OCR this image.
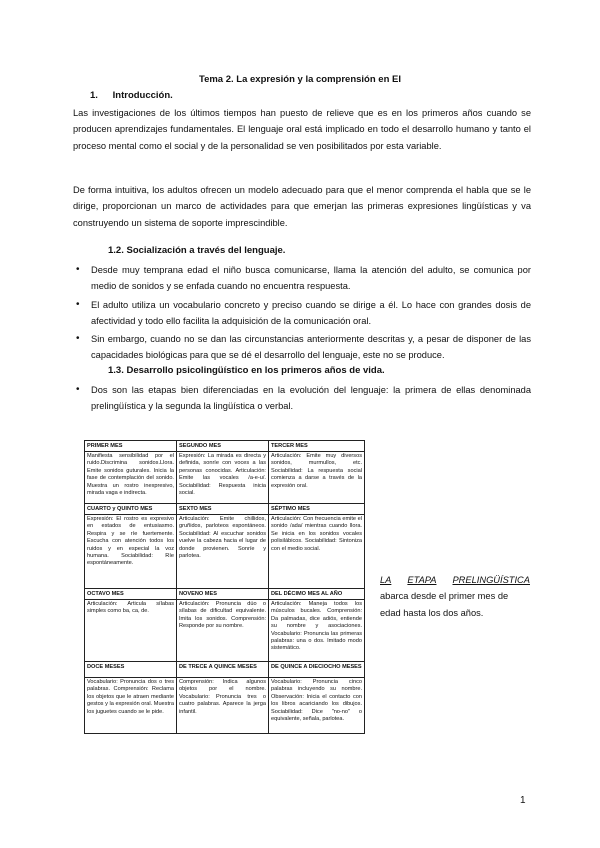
Tema 2. La expresión y la comprensión en EI
1. Introducción.
Las investigaciones de los últimos tiempos han puesto de relieve que es en los primeros años cuando se producen aprendizajes fundamentales. El lenguaje oral está implicado en todo el desarrollo humano y tanto el proceso mental como el social y de la personalidad se ven posibilitados por esta variable.
De forma intuitiva, los adultos ofrecen un modelo adecuado para que el menor comprenda el habla que se le dirige, proporcionan un marco de actividades para que emerjan las primeras expresiones lingüísticas y va construyendo un sistema de soporte imprescindible.
1.2. Socialización a través del lenguaje.
• Desde muy temprana edad el niño busca comunicarse, llama la atención del adulto, se comunica por medio de sonidos y se enfada cuando no encuentra respuesta.
• El adulto utiliza un vocabulario concreto y preciso cuando se dirige a él. Lo hace con grandes dosis de afectividad y todo ello facilita la adquisición de la comunicación oral.
• Sin embargo, cuando no se dan las circunstancias anteriormente descritas y, a pesar de disponer de las capacidades biológicas para que se dé el desarrollo del lenguaje, este no se produce.
1.3. Desarrollo psicolingüístico en los primeros años de vida.
• Dos son las etapas bien diferenciadas en la evolución del lenguaje: la primera de ellas denominada prelingüística y la segunda la lingüística o verbal.
PRIMER MES	SEGUNDO MES	TERCER MES
Manifiesta sensibilidad por el ruido.Discrimina sonidos.Llora. Emite sonidos guturales. Inicia la fase de contemplación del sonido. Muestra un rostro inexpresivo, mirada vaga e indirecta.	Expresión: La mirada es directa y definida, sonríe con voces a las personas conocidas. Articulación: Emite las vocales /a-e-u/. Sociabilidad: Respuesta inicia social.	Articulación: Emite muy diversos sonidos, murmullos, etc. Sociabilidad: La respuesta social comienza a darse a través de la expresión oral.
CUARTO y QUINTO MES	SEXTO MES	SÉPTIMO MES
Expresión: El rostro es expresivo en estados de entusiasmo. Respira y se ríe fuertemente. Escucha con atención todos los ruidos y en especial la voz humana. Sociabilidad: Ríe espontáneamente.	Articulación: Emite chillidos, gruñidos, parloteos espontáneos. Sociabilidad: Al escuchar sonidos vuelve la cabeza hacia el lugar de donde provienen. Sonríe y parlotea.	Articulación: Con frecuencia emite el sonido /ada/ mientras cuando llora. Se inicia en los sonidos vocales polisilábicos. Sociabilidad: Sintoniza con el medio social.
OCTAVO MES	NOVENO MES	DEL DÉCIMO MES AL AÑO
Articulación: Articula sílabas simples como ba, ca, de.	Articulación: Pronuncia dúo o sílabas de dificultad equivalente. Imita los sonidos. Comprensión: Responde por su nombre.	Articulación: Maneja todos los músculos bucales. Comprensión: Da palmadas, dice adiós, entiende su nombre y asociaciones. Vocabulario: Pronuncia las primeras palabras: una o dos. Imitado modo sistemático.
DOCE MESES	DE TRECE A QUINCE MESES	DE QUINCE A DIECIOCHO MESES
Vocabulario: Pronuncia dos o tres palabras. Comprensión: Reclama los objetos que le atraen mediante gestos y la expresión oral. Muestra los juguetes cuando se le pide.	Comprensión: Indica algunos objetos por el nombre. Vocabulario: Pronuncia tres o cuatro palabras. Aparece la jerga infantil.	Vocabulario: Pronuncia cinco palabras incluyendo su nombre. Observación: Inicia el contacto con los libros acariciando los dibujos. Sociabilidad: Dice "no-no" o equivalente, señala, parlotea.
LA ETAPA PRELINGÜÍSTICA
abarca desde el primer mes de edad hasta los dos años.
1
